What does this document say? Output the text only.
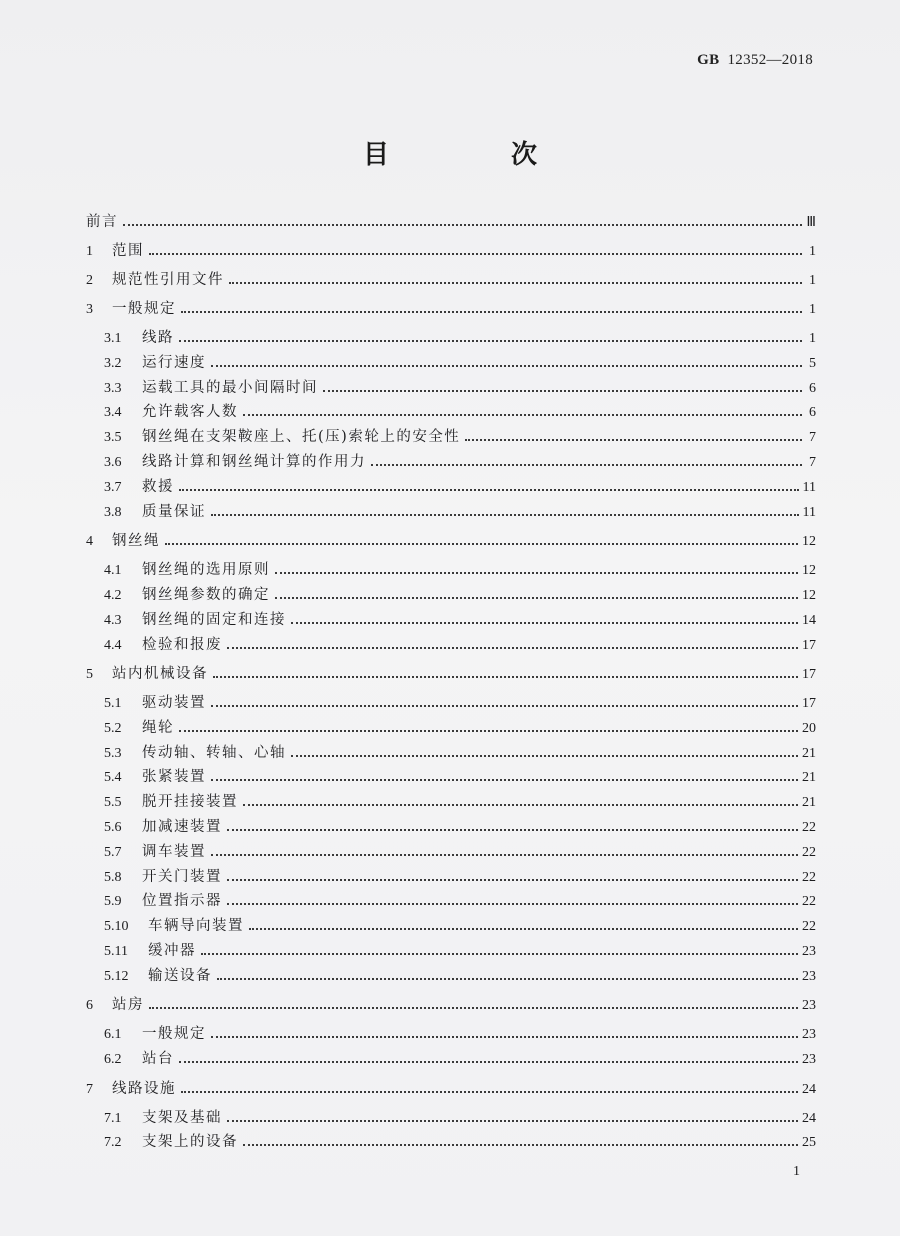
GB 12352—2018
目　次
前言	Ⅲ
1	范围	1
2	规范性引用文件	1
3	一般规定	1
3.1	线路	1
3.2	运行速度	5
3.3	运载工具的最小间隔时间	6
3.4	允许载客人数	6
3.5	钢丝绳在支架鞍座上、托(压)索轮上的安全性	7
3.6	线路计算和钢丝绳计算的作用力	7
3.7	救援	11
3.8	质量保证	11
4	钢丝绳	12
4.1	钢丝绳的选用原则	12
4.2	钢丝绳参数的确定	12
4.3	钢丝绳的固定和连接	14
4.4	检验和报废	17
5	站内机械设备	17
5.1	驱动装置	17
5.2	绳轮	20
5.3	传动轴、转轴、心轴	21
5.4	张紧装置	21
5.5	脱开挂接装置	21
5.6	加减速装置	22
5.7	调车装置	22
5.8	开关门装置	22
5.9	位置指示器	22
5.10	车辆导向装置	22
5.11	缓冲器	23
5.12	输送设备	23
6	站房	23
6.1	一般规定	23
6.2	站台	23
7	线路设施	24
7.1	支架及基础	24
7.2	支架上的设备	25
1
